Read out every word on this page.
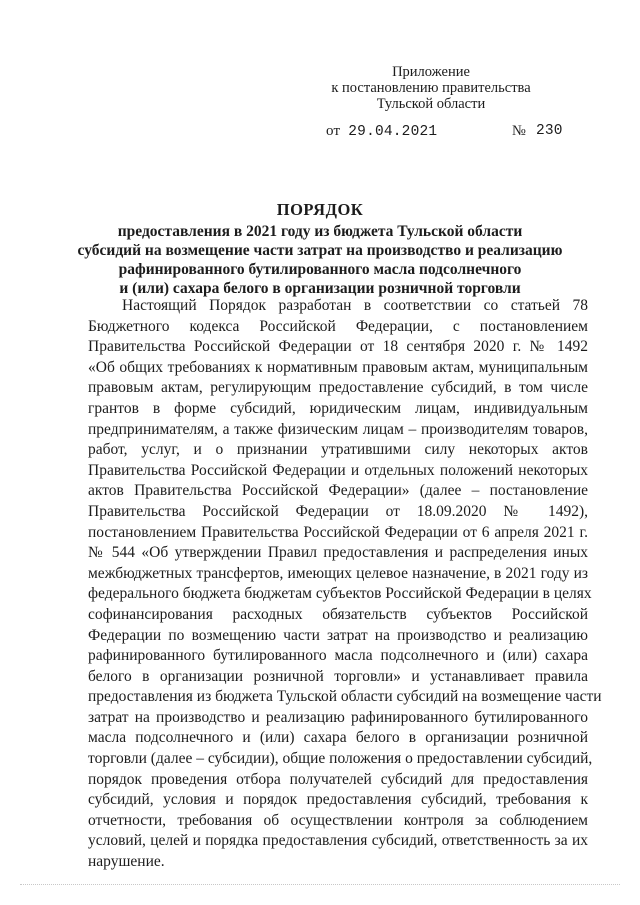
Приложение
к постановлению правительства
Тульской области
от 29.04.2021	№ 230
ПОРЯДОК
предоставления в 2021 году из бюджета Тульской области
субсидий на возмещение части затрат на производство и реализацию
рафинированного бутилированного масла подсолнечного
и (или) сахара белого в организации розничной торговли
Настоящий Порядок разработан в соответствии со статьей 78
Бюджетного кодекса Российской Федерации, с постановлением
Правительства Российской Федерации от 18 сентября 2020 г. № 1492
«Об общих требованиях к нормативным правовым актам, муниципальным
правовым актам, регулирующим предоставление субсидий, в том числе
грантов в форме субсидий, юридическим лицам, индивидуальным
предпринимателям, а также физическим лицам – производителям товаров,
работ, услуг, и о признании утратившими силу некоторых актов
Правительства Российской Федерации и отдельных положений некоторых
актов Правительства Российской Федерации» (далее – постановление
Правительства Российской Федерации от 18.09.2020 № 1492),
постановлением Правительства Российской Федерации от 6 апреля 2021 г.
№ 544 «Об утверждении Правил предоставления и распределения иных
межбюджетных трансфертов, имеющих целевое назначение, в 2021 году из
федерального бюджета бюджетам субъектов Российской Федерации в целях
софинансирования расходных обязательств субъектов Российской
Федерации по возмещению части затрат на производство и реализацию
рафинированного бутилированного масла подсолнечного и (или) сахара
белого в организации розничной торговли» и устанавливает правила
предоставления из бюджета Тульской области субсидий на возмещение части
затрат на производство и реализацию рафинированного бутилированного
масла подсолнечного и (или) сахара белого в организации розничной
торговли (далее – субсидии), общие положения о предоставлении субсидий,
порядок проведения отбора получателей субсидий для предоставления
субсидий, условия и порядок предоставления субсидий, требования к
отчетности, требования об осуществлении контроля за соблюдением
условий, целей и порядка предоставления субсидий, ответственность за их
нарушение.
